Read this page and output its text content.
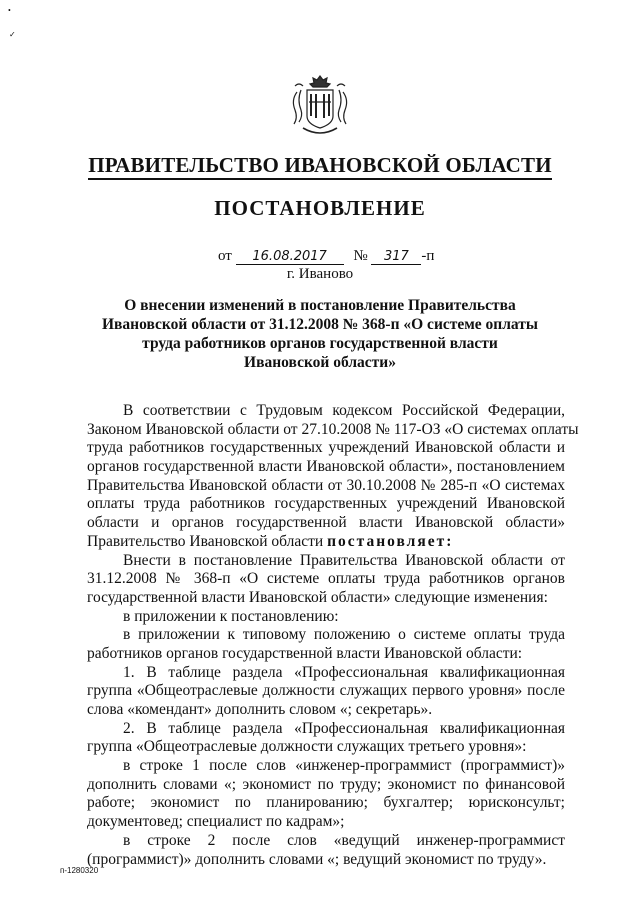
•
✓
ПРАВИТЕЛЬСТВО ИВАНОВСКОЙ ОБЛАСТИ
ПОСТАНОВЛЕНИЕ
от 16.08.2017 № 317 -п
г. Иваново
О внесении изменений в постановление Правительства
Ивановской области от 31.12.2008 № 368-п «О системе оплаты
труда работников органов государственной власти
Ивановской области»
В соответствии с Трудовым кодексом Российской Федерации,
Законом Ивановской области от 27.10.2008 № 117-ОЗ «О системах оплаты
труда работников государственных учреждений Ивановской области и
органов государственной власти Ивановской области», постановлением
Правительства Ивановской области от 30.10.2008 № 285-п «О системах
оплаты труда работников государственных учреждений Ивановской
области и органов государственной власти Ивановской области»
Правительство Ивановской области постановляет:
Внести в постановление Правительства Ивановской области от
31.12.2008 № 368-п «О системе оплаты труда работников органов
государственной власти Ивановской области» следующие изменения:
в приложении к постановлению:
в приложении к типовому положению о системе оплаты труда
работников органов государственной власти Ивановской области:
1. В таблице раздела «Профессиональная квалификационная
группа «Общеотраслевые должности служащих первого уровня» после
слова «комендант» дополнить словом «; секретарь».
2. В таблице раздела «Профессиональная квалификационная
группа «Общеотраслевые должности служащих третьего уровня»:
в строке 1 после слов «инженер-программист (программист)»
дополнить словами «; экономист по труду; экономист по финансовой
работе; экономист по планированию; бухгалтер; юрисконсульт;
документовед; специалист по кадрам»;
в строке 2 после слов «ведущий инженер-программист
(программист)» дополнить словами «; ведущий экономист по труду».
п-1280320
